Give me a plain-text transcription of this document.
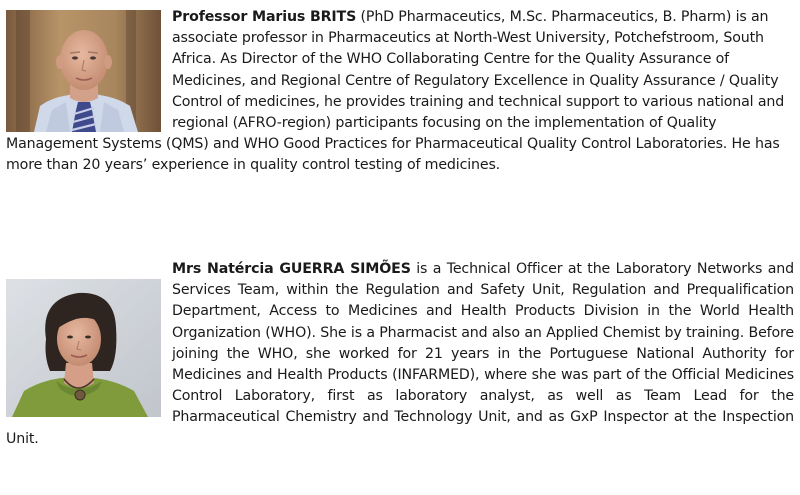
Professor Marius BRITS (PhD Pharmaceutics, M.Sc. Pharmaceutics, B. Pharm) is an associate professor in Pharmaceutics at North-West University, Potchefstroom, South Africa. As Director of the WHO Collaborating Centre for the Quality Assurance of Medicines, and Regional Centre of Regulatory Excellence in Quality Assurance / Quality Control of medicines, he provides training and technical support to various national and regional (AFRO-region) participants focusing on the implementation of Quality Management Systems (QMS) and WHO Good Practices for Pharmaceutical Quality Control Laboratories. He has more than 20 years’ experience in quality control testing of medicines.
Mrs Natércia GUERRA SIMÕES is a Technical Officer at the Laboratory Networks and Services Team, within the Regulation and Safety Unit, Regulation and Prequalification Department, Access to Medicines and Health Products Division in the World Health Organization (WHO). She is a Pharmacist and also an Applied Chemist by training. Before joining the WHO, she worked for 21 years in the Portuguese National Authority for Medicines and Health Products (INFARMED), where she was part of the Official Medicines Control Laboratory, first as laboratory analyst, as well as Team Lead for the Pharmaceutical Chemistry and Technology Unit, and as GxP Inspector at the Inspection Unit.
